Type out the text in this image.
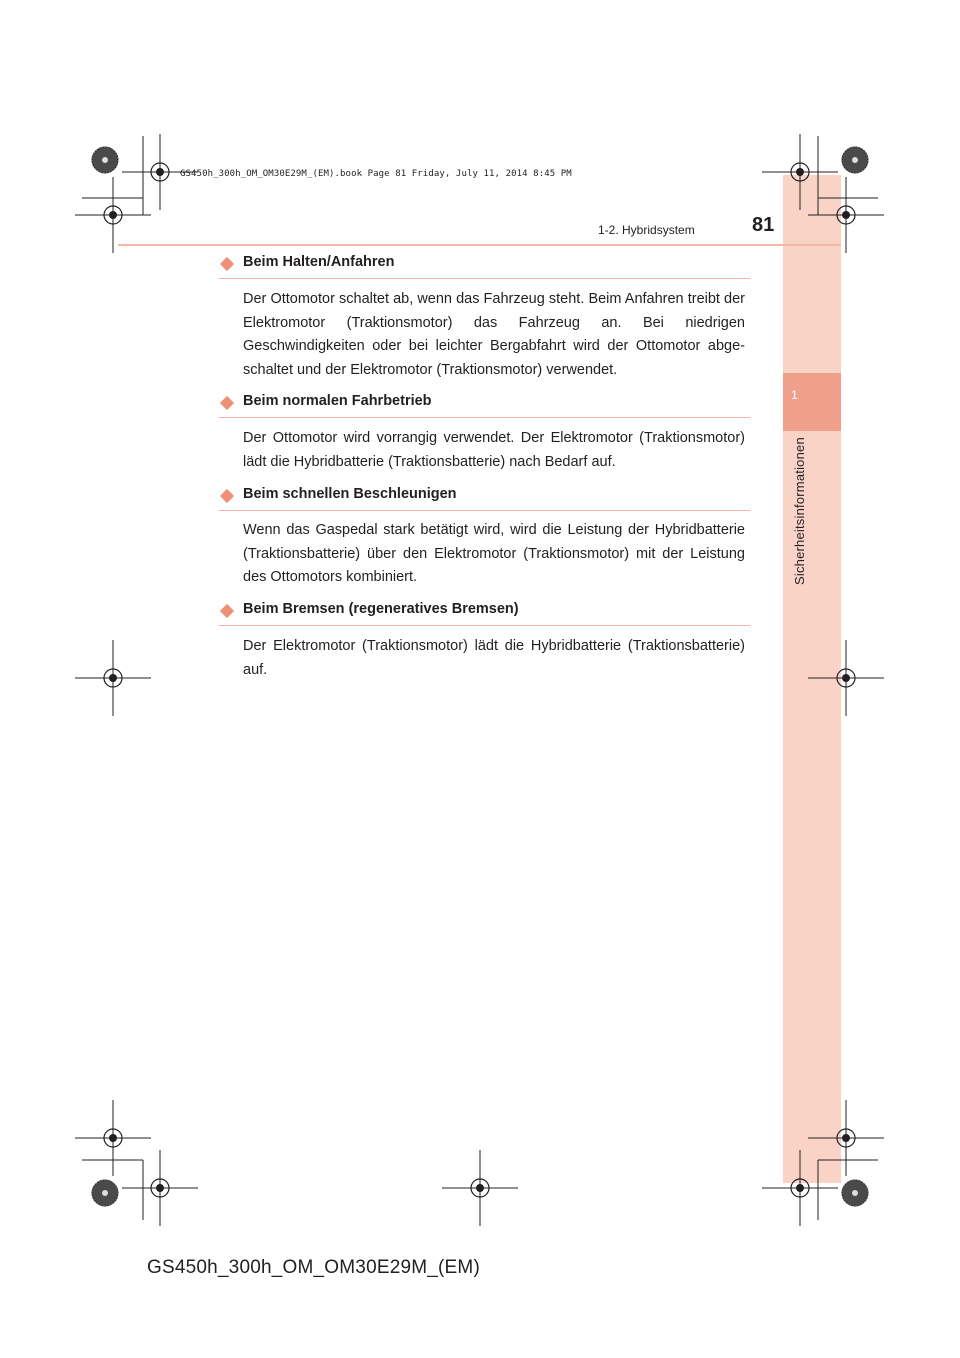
1
Sicherheitsinformationen
GS450h_300h_OM_OM30E29M_(EM).book Page 81 Friday, July 11, 2014 8:45 PM
1-2. Hybridsystem	81
Beim Halten/Anfahren
Der Ottomotor schaltet ab, wenn das Fahrzeug steht. Beim Anfahren treibt der Elektromotor (Traktionsmotor) das Fahrzeug an. Bei niedrigen Geschwindigkeiten oder bei leichter Bergabfahrt wird der Ottomotor abgeschaltet und der Elektromotor (Traktionsmotor) verwendet.
Beim normalen Fahrbetrieb
Der Ottomotor wird vorrangig verwendet. Der Elektromotor (Traktionsmotor) lädt die Hybridbatterie (Traktionsbatterie) nach Bedarf auf.
Beim schnellen Beschleunigen
Wenn das Gaspedal stark betätigt wird, wird die Leistung der Hybridbatterie (Traktionsbatterie) über den Elektromotor (Traktionsmotor) mit der Leistung des Ottomotors kombiniert.
Beim Bremsen (regeneratives Bremsen)
Der Elektromotor (Traktionsmotor) lädt die Hybridbatterie (Traktionsbatterie) auf.
GS450h_300h_OM_OM30E29M_(EM)
